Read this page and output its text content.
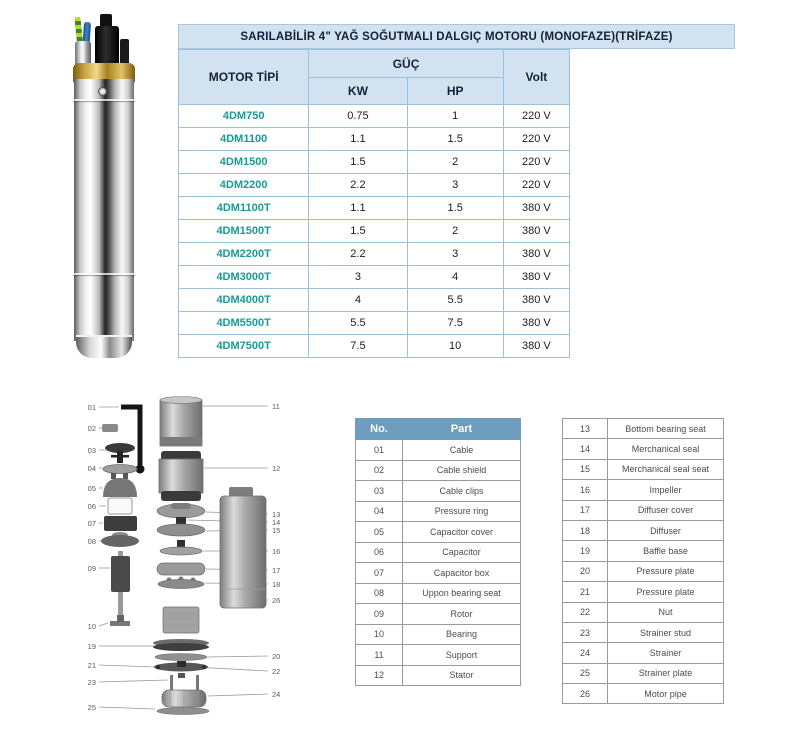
SARILABİLİR 4" YAĞ SOĞUTMALI DALGIÇ MOTORU (MONOFAZE)(TRİFAZE)
MOTOR TİPİ	GÜÇ		Volt
	KW	HP	
4DM750	0.75	1	220 V
4DM1100	1.1	1.5	220 V
4DM1500	1.5	2	220 V
4DM2200	2.2	3	220 V
4DM1100T	1.1	1.5	380 V
4DM1500T	1.5	2	380 V
4DM2200T	2.2	3	380 V
4DM3000T	3	4	380 V
4DM4000T	4	5.5	380 V
4DM5500T	5.5	7.5	380 V
4DM7500T	7.5	10	380 V
01
02
03
04
05
06
07
08
09
10
19
21
23
25
11
12
13
14
15
16
17
18
26
20
22
24
No.	Part
01	Cable
02	Cable shield
03	Cable clips
04	Pressure ring
05	Capacitor cover
06	Capacitor
07	Capacitor box
08	Uppon bearing seat
09	Rotor
10	Bearing
11	Support
12	Stator
13	Bottom bearing seat
14	Merchanical seal
15	Merchanical seal seat
16	Impeller
17	Diffuser cover
18	Diffuser
19	Baffle base
20	Pressure plate
21	Pressure plate
22	Nut
23	Strainer stud
24	Strainer
25	Strainer plate
26	Motor pipe
